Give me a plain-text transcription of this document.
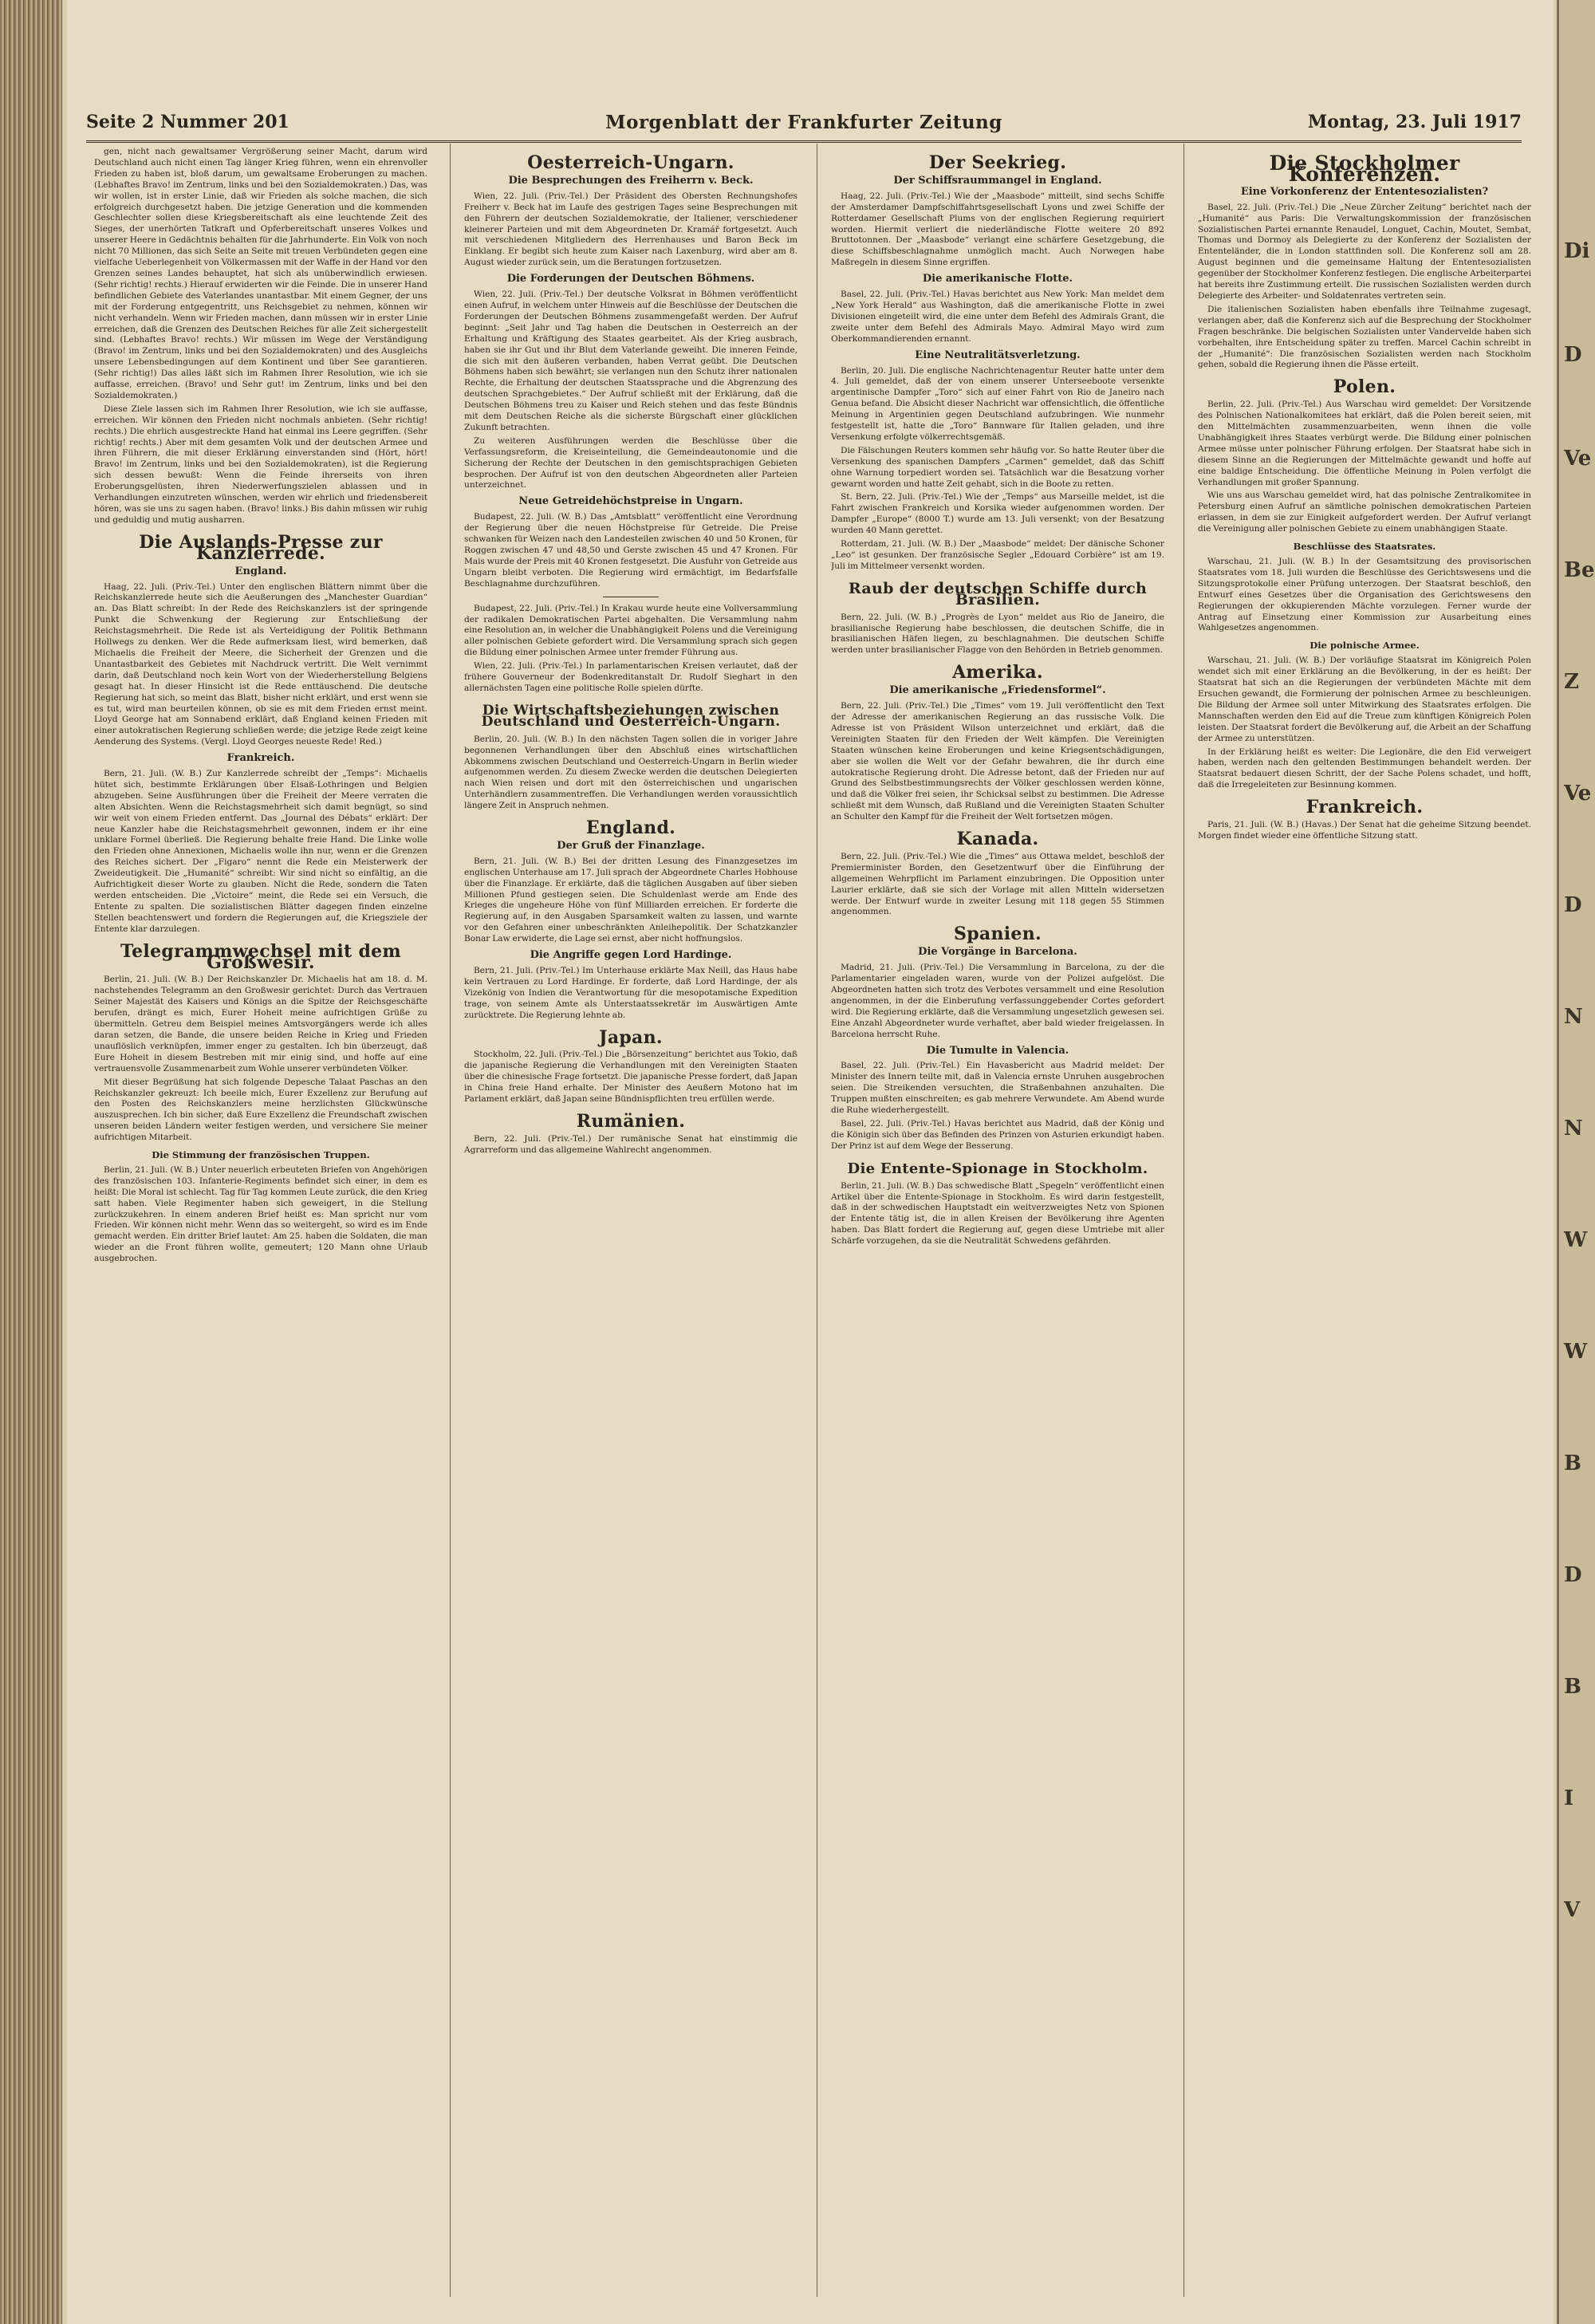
Di
D
Ve
Be
Z
Ve
D
N
N
W
W
B
D
B
I
V
Seite 2 Nummer 201	Morgenblatt der Frankfurter Zeitung	Montag, 23. Juli 1917

gen, nicht nach gewaltsamer Vergrößerung seiner Macht, darum wird Deutschland auch nicht einen Tag länger Krieg führen, wenn ein ehrenvoller Frieden zu haben ist, bloß darum, um gewaltsame Eroberungen zu machen. (Lebhaftes Bravo! im Zentrum, links und bei den Sozialdemokraten.) Das, was wir wollen, ist in erster Linie, daß wir Frieden als solche machen, die sich erfolgreich durchgesetzt haben. Die jetzige Generation und die kommenden Geschlechter sollen diese Kriegsbereitschaft als eine leuchtende Zeit des Sieges, der unerhörten Tatkraft und Opferbereitschaft unseres Volkes und unserer Heere in Gedächtnis behalten für die Jahrhunderte. Ein Volk von noch nicht 70 Millionen, das sich Seite an Seite mit treuen Verbündeten gegen eine vielfache Ueberlegenheit von Völkermassen mit der Waffe in der Hand vor den Grenzen seines Landes behauptet, hat sich als unüberwindlich erwiesen. (Sehr richtig! rechts.) Hierauf erwiderten wir die Feinde. Die in unserer Hand befindlichen Gebiete des Vaterlandes unantastbar. Mit einem Gegner, der uns mit der Forderung entgegentritt, uns Reichsgebiet zu nehmen, können wir nicht verhandeln. Wenn wir Frieden machen, dann müssen wir in erster Linie erreichen, daß die Grenzen des Deutschen Reiches für alle Zeit sichergestellt sind. (Lebhaftes Bravo! rechts.) Wir müssen im Wege der Verständigung (Bravo! im Zentrum, links und bei den Sozialdemokraten) und des Ausgleichs unsere Lebensbedingungen auf dem Kontinent und über See garantieren. (Sehr richtig!) Das alles läßt sich im Rahmen Ihrer Resolution, wie ich sie auffasse, erreichen. (Bravo! und Sehr gut! im Zentrum, links und bei den Sozialdemokraten.)

Diese Ziele lassen sich im Rahmen Ihrer Resolution, wie ich sie auffasse, erreichen. Wir können den Frieden nicht nochmals anbieten. (Sehr richtig! rechts.) Die ehrlich ausgestreckte Hand hat einmal ins Leere gegriffen. (Sehr richtig! rechts.) Aber mit dem gesamten Volk und der deutschen Armee und ihren Führern, die mit dieser Erklärung einverstanden sind (Hört, hört! Bravo! im Zentrum, links und bei den Sozialdemokraten), ist die Regierung sich dessen bewußt: Wenn die Feinde ihrerseits von ihren Eroberungsgelüsten, ihren Niederwerfungszielen ablassen und in Verhandlungen einzutreten wünschen, werden wir ehrlich und friedensbereit hören, was sie uns zu sagen haben. (Bravo! links.) Bis dahin müssen wir ruhig und geduldig und mutig ausharren.

Die Auslands-Presse zur Kanzlerrede.
England.

Haag, 22. Juli. (Priv.-Tel.) Unter den englischen Blättern nimmt über die Reichskanzlerrede heute sich die Aeußerungen des „Manchester Guardian“ an. Das Blatt schreibt: In der Rede des Reichskanzlers ist der springende Punkt die Schwenkung der Regierung zur Entschließung der Reichstagsmehrheit. Die Rede ist als Verteidigung der Politik Bethmann Hollwegs zu denken. Wer die Rede aufmerksam liest, wird bemerken, daß Michaelis die Freiheit der Meere, die Sicherheit der Grenzen und die Unantastbarkeit des Gebietes mit Nachdruck vertritt. Die Welt vernimmt darin, daß Deutschland noch kein Wort von der Wiederherstellung Belgiens gesagt hat. In dieser Hinsicht ist die Rede enttäuschend. Die deutsche Regierung hat sich, so meint das Blatt, bisher nicht erklärt, und erst wenn sie es tut, wird man beurteilen können, ob sie es mit dem Frieden ernst meint. Lloyd George hat am Sonnabend erklärt, daß England keinen Frieden mit einer autokratischen Regierung schließen werde; die jetzige Rede zeigt keine Aenderung des Systems. (Vergl. Lloyd Georges neueste Rede! Red.)

Frankreich.

Bern, 21. Juli. (W. B.) Zur Kanzlerrede schreibt der „Temps“: Michaelis hütet sich, bestimmte Erklärungen über Elsaß-Lothringen und Belgien abzugeben. Seine Ausführungen über die Freiheit der Meere verraten die alten Absichten. Wenn die Reichstagsmehrheit sich damit begnügt, so sind wir weit von einem Frieden entfernt. Das „Journal des Débats“ erklärt: Der neue Kanzler habe die Reichstagsmehrheit gewonnen, indem er ihr eine unklare Formel überließ. Die Regierung behalte freie Hand. Die Linke wolle den Frieden ohne Annexionen, Michaelis wolle ihn nur, wenn er die Grenzen des Reiches sichert. Der „Figaro“ nennt die Rede ein Meisterwerk der Zweideutigkeit. Die „Humanité“ schreibt: Wir sind nicht so einfältig, an die Aufrichtigkeit dieser Worte zu glauben. Nicht die Rede, sondern die Taten werden entscheiden. Die „Victoire“ meint, die Rede sei ein Versuch, die Entente zu spalten. Die sozialistischen Blätter dagegen finden einzelne Stellen beachtenswert und fordern die Regierungen auf, die Kriegsziele der Entente klar darzulegen.

Telegrammwechsel mit dem Großwesir.

Berlin, 21. Juli. (W. B.) Der Reichskanzler Dr. Michaelis hat am 18. d. M. nachstehendes Telegramm an den Großwesir gerichtet: Durch das Vertrauen Seiner Majestät des Kaisers und Königs an die Spitze der Reichsgeschäfte berufen, drängt es mich, Eurer Hoheit meine aufrichtigen Grüße zu übermitteln. Getreu dem Beispiel meines Amtsvorgängers werde ich alles daran setzen, die Bande, die unsere beiden Reiche in Krieg und Frieden unauflöslich verknüpfen, immer enger zu gestalten. Ich bin überzeugt, daß Eure Hoheit in diesem Bestreben mit mir einig sind, und hoffe auf eine vertrauensvolle Zusammenarbeit zum Wohle unserer verbündeten Völker.

Mit dieser Begrüßung hat sich folgende Depesche Talaat Paschas an den Reichskanzler gekreuzt: Ich beeile mich, Eurer Exzellenz zur Berufung auf den Posten des Reichskanzlers meine herzlichsten Glückwünsche auszusprechen. Ich bin sicher, daß Eure Exzellenz die Freundschaft zwischen unseren beiden Ländern weiter festigen werden, und versichere Sie meiner aufrichtigen Mitarbeit.

Die Stimmung der französischen Truppen.

Berlin, 21. Juli. (W. B.) Unter neuerlich erbeuteten Briefen von Angehörigen des französischen 103. Infanterie-Regiments befindet sich einer, in dem es heißt: Die Moral ist schlecht. Tag für Tag kommen Leute zurück, die den Krieg satt haben. Viele Regimenter haben sich geweigert, in die Stellung zurückzukehren. In einem anderen Brief heißt es: Man spricht nur vom Frieden. Wir können nicht mehr. Wenn das so weitergeht, so wird es im Ende gemacht werden. Ein dritter Brief lautet: Am 25. haben die Soldaten, die man wieder an die Front führen wollte, gemeutert; 120 Mann ohne Urlaub ausgebrochen.

Oesterreich-Ungarn.
Die Besprechungen des Freiherrn v. Beck.

Wien, 22. Juli. (Priv.-Tel.) Der Präsident des Obersten Rechnungshofes Freiherr v. Beck hat im Laufe des gestrigen Tages seine Besprechungen mit den Führern der deutschen Sozialdemokratie, der Italiener, verschiedener kleinerer Parteien und mit dem Abgeordneten Dr. Kramář fortgesetzt. Auch mit verschiedenen Mitgliedern des Herrenhauses und Baron Beck im Einklang. Er begibt sich heute zum Kaiser nach Laxenburg, wird aber am 8. August wieder zurück sein, um die Beratungen fortzusetzen.

Die Forderungen der Deutschen Böhmens.

Wien, 22. Juli. (Priv.-Tel.) Der deutsche Volksrat in Böhmen veröffentlicht einen Aufruf, in welchem unter Hinweis auf die Beschlüsse der Deutschen die Forderungen der Deutschen Böhmens zusammengefaßt werden. Der Aufruf beginnt: „Seit Jahr und Tag haben die Deutschen in Oesterreich an der Erhaltung und Kräftigung des Staates gearbeitet. Als der Krieg ausbrach, haben sie ihr Gut und ihr Blut dem Vaterlande geweiht. Die inneren Feinde, die sich mit den äußeren verbanden, haben Verrat geübt. Die Deutschen Böhmens haben sich bewährt; sie verlangen nun den Schutz ihrer nationalen Rechte, die Erhaltung der deutschen Staatssprache und die Abgrenzung des deutschen Sprachgebietes.“ Der Aufruf schließt mit der Erklärung, daß die Deutschen Böhmens treu zu Kaiser und Reich stehen und das feste Bündnis mit dem Deutschen Reiche als die sicherste Bürgschaft einer glücklichen Zukunft betrachten.

Zu weiteren Ausführungen werden die Beschlüsse über die Verfassungsreform, die Kreiseinteilung, die Gemeindeautonomie und die Sicherung der Rechte der Deutschen in den gemischtsprachigen Gebieten besprochen. Der Aufruf ist von den deutschen Abgeordneten aller Parteien unterzeichnet.

Neue Getreidehöchstpreise in Ungarn.

Budapest, 22. Juli. (W. B.) Das „Amtsblatt“ veröffentlicht eine Verordnung der Regierung über die neuen Höchstpreise für Getreide. Die Preise schwanken für Weizen nach den Landesteilen zwischen 40 und 50 Kronen, für Roggen zwischen 47 und 48,50 und Gerste zwischen 45 und 47 Kronen. Für Mais wurde der Preis mit 40 Kronen festgesetzt. Die Ausfuhr von Getreide aus Ungarn bleibt verboten. Die Regierung wird ermächtigt, im Bedarfsfalle Beschlagnahme durchzuführen.

Budapest, 22. Juli. (Priv.-Tel.) In Krakau wurde heute eine Vollversammlung der radikalen Demokratischen Partei abgehalten. Die Versammlung nahm eine Resolution an, in welcher die Unabhängigkeit Polens und die Vereinigung aller polnischen Gebiete gefordert wird. Die Versammlung sprach sich gegen die Bildung einer polnischen Armee unter fremder Führung aus.

Wien, 22. Juli. (Priv.-Tel.) In parlamentarischen Kreisen verlautet, daß der frühere Gouverneur der Bodenkreditanstalt Dr. Rudolf Sieghart in den allernächsten Tagen eine politische Rolle spielen dürfte.

Die Wirtschaftsbeziehungen zwischen Deutschland und Oesterreich-Ungarn.

Berlin, 20. Juli. (W. B.) In den nächsten Tagen sollen die in voriger Jahre begonnenen Verhandlungen über den Abschluß eines wirtschaftlichen Abkommens zwischen Deutschland und Oesterreich-Ungarn in Berlin wieder aufgenommen werden. Zu diesem Zwecke werden die deutschen Delegierten nach Wien reisen und dort mit den österreichischen und ungarischen Unterhändlern zusammentreffen. Die Verhandlungen werden voraussichtlich längere Zeit in Anspruch nehmen.

England.
Der Gruß der Finanzlage.

Bern, 21. Juli. (W. B.) Bei der dritten Lesung des Finanzgesetzes im englischen Unterhause am 17. Juli sprach der Abgeordnete Charles Hobhouse über die Finanzlage. Er erklärte, daß die täglichen Ausgaben auf über sieben Millionen Pfund gestiegen seien. Die Schuldenlast werde am Ende des Krieges die ungeheure Höhe von fünf Milliarden erreichen. Er forderte die Regierung auf, in den Ausgaben Sparsamkeit walten zu lassen, und warnte vor den Gefahren einer unbeschränkten Anleihepolitik. Der Schatzkanzler Bonar Law erwiderte, die Lage sei ernst, aber nicht hoffnungslos.

Die Angriffe gegen Lord Hardinge.

Bern, 21. Juli. (Priv.-Tel.) Im Unterhause erklärte Max Neill, das Haus habe kein Vertrauen zu Lord Hardinge. Er forderte, daß Lord Hardinge, der als Vizekönig von Indien die Verantwortung für die mesopotamische Expedition trage, von seinem Amte als Unterstaatssekretär im Auswärtigen Amte zurücktrete. Die Regierung lehnte ab.

Japan.

Stockholm, 22. Juli. (Priv.-Tel.) Die „Börsenzeitung“ berichtet aus Tokio, daß die japanische Regierung die Verhandlungen mit den Vereinigten Staaten über die chinesische Frage fortsetzt. Die japanische Presse fordert, daß Japan in China freie Hand erhalte. Der Minister des Aeußern Motono hat im Parlament erklärt, daß Japan seine Bündnispflichten treu erfüllen werde.

Rumänien.

Bern, 22. Juli. (Priv.-Tel.) Der rumänische Senat hat einstimmig die Agrarreform und das allgemeine Wahlrecht angenommen.

Der Seekrieg.
Der Schiffsraummangel in England.

Haag, 22. Juli. (Priv.-Tel.) Wie der „Maasbode“ mitteilt, sind sechs Schiffe der Amsterdamer Dampfschiffahrtsgesellschaft Lyons und zwei Schiffe der Rotterdamer Gesellschaft Plums von der englischen Regierung requiriert worden. Hiermit verliert die niederländische Flotte weitere 20 892 Bruttotonnen. Der „Maasbode“ verlangt eine schärfere Gesetzgebung, die diese Schiffsbeschlagnahme unmöglich macht. Auch Norwegen habe Maßregeln in diesem Sinne ergriffen.

Die amerikanische Flotte.

Basel, 22. Juli. (Priv.-Tel.) Havas berichtet aus New York: Man meldet dem „New York Herald“ aus Washington, daß die amerikanische Flotte in zwei Divisionen eingeteilt wird, die eine unter dem Befehl des Admirals Grant, die zweite unter dem Befehl des Admirals Mayo. Admiral Mayo wird zum Oberkommandierenden ernannt.

Eine Neutralitätsverletzung.

Berlin, 20. Juli. Die englische Nachrichtenagentur Reuter hatte unter dem 4. Juli gemeldet, daß der von einem unserer Unterseeboote versenkte argentinische Dampfer „Toro“ sich auf einer Fahrt von Rio de Janeiro nach Genua befand. Die Absicht dieser Nachricht war offensichtlich, die öffentliche Meinung in Argentinien gegen Deutschland aufzubringen. Wie nunmehr festgestellt ist, hatte die „Toro“ Bannware für Italien geladen, und ihre Versenkung erfolgte völkerrechtsgemäß.

Die Fälschungen Reuters kommen sehr häufig vor. So hatte Reuter über die Versenkung des spanischen Dampfers „Carmen“ gemeldet, daß das Schiff ohne Warnung torpediert worden sei. Tatsächlich war die Besatzung vorher gewarnt worden und hatte Zeit gehabt, sich in die Boote zu retten.

St. Bern, 22. Juli. (Priv.-Tel.) Wie der „Temps“ aus Marseille meldet, ist die Fahrt zwischen Frankreich und Korsika wieder aufgenommen worden. Der Dampfer „Europe“ (8000 T.) wurde am 13. Juli versenkt; von der Besatzung wurden 40 Mann gerettet.

Rotterdam, 21. Juli. (W. B.) Der „Maasbode“ meldet: Der dänische Schoner „Leo“ ist gesunken. Der französische Segler „Edouard Corbière“ ist am 19. Juli im Mittelmeer versenkt worden.

Raub der deutschen Schiffe durch Brasilien.

Bern, 22. Juli. (W. B.) „Progrès de Lyon“ meldet aus Rio de Janeiro, die brasilianische Regierung habe beschlossen, die deutschen Schiffe, die in brasilianischen Häfen liegen, zu beschlagnahmen. Die deutschen Schiffe werden unter brasilianischer Flagge von den Behörden in Betrieb genommen.

Amerika.
Die amerikanische „Friedensformel“.

Bern, 22. Juli. (Priv.-Tel.) Die „Times“ vom 19. Juli veröffentlicht den Text der Adresse der amerikanischen Regierung an das russische Volk. Die Adresse ist von Präsident Wilson unterzeichnet und erklärt, daß die Vereinigten Staaten für den Frieden der Welt kämpfen. Die Vereinigten Staaten wünschen keine Eroberungen und keine Kriegsentschädigungen, aber sie wollen die Welt vor der Gefahr bewahren, die ihr durch eine autokratische Regierung droht. Die Adresse betont, daß der Frieden nur auf Grund des Selbstbestimmungsrechts der Völker geschlossen werden könne, und daß die Völker frei seien, ihr Schicksal selbst zu bestimmen. Die Adresse schließt mit dem Wunsch, daß Rußland und die Vereinigten Staaten Schulter an Schulter den Kampf für die Freiheit der Welt fortsetzen mögen.

Kanada.

Bern, 22. Juli. (Priv.-Tel.) Wie die „Times“ aus Ottawa meldet, beschloß der Premierminister Borden, den Gesetzentwurf über die Einführung der allgemeinen Wehrpflicht im Parlament einzubringen. Die Opposition unter Laurier erklärte, daß sie sich der Vorlage mit allen Mitteln widersetzen werde. Der Entwurf wurde in zweiter Lesung mit 118 gegen 55 Stimmen angenommen.

Spanien.
Die Vorgänge in Barcelona.

Madrid, 21. Juli. (Priv.-Tel.) Die Versammlung in Barcelona, zu der die Parlamentarier eingeladen waren, wurde von der Polizei aufgelöst. Die Abgeordneten hatten sich trotz des Verbotes versammelt und eine Resolution angenommen, in der die Einberufung verfassunggebender Cortes gefordert wird. Die Regierung erklärte, daß die Versammlung ungesetzlich gewesen sei. Eine Anzahl Abgeordneter wurde verhaftet, aber bald wieder freigelassen. In Barcelona herrscht Ruhe.

Die Tumulte in Valencia.

Basel, 22. Juli. (Priv.-Tel.) Ein Havasbericht aus Madrid meldet: Der Minister des Innern teilte mit, daß in Valencia ernste Unruhen ausgebrochen seien. Die Streikenden versuchten, die Straßenbahnen anzuhalten. Die Truppen mußten einschreiten; es gab mehrere Verwundete. Am Abend wurde die Ruhe wiederhergestellt.

Basel, 22. Juli. (Priv.-Tel.) Havas berichtet aus Madrid, daß der König und die Königin sich über das Befinden des Prinzen von Asturien erkundigt haben. Der Prinz ist auf dem Wege der Besserung.

Die Entente-Spionage in Stockholm.

Berlin, 21. Juli. (W. B.) Das schwedische Blatt „Spegeln“ veröffentlicht einen Artikel über die Entente-Spionage in Stockholm. Es wird darin festgestellt, daß in der schwedischen Hauptstadt ein weitverzweigtes Netz von Spionen der Entente tätig ist, die in allen Kreisen der Bevölkerung ihre Agenten haben. Das Blatt fordert die Regierung auf, gegen diese Umtriebe mit aller Schärfe vorzugehen, da sie die Neutralität Schwedens gefährden.

Die Stockholmer Konferenzen.
Eine Vorkonferenz der Ententesozialisten?

Basel, 22. Juli. (Priv.-Tel.) Die „Neue Zürcher Zeitung“ berichtet nach der „Humanité“ aus Paris: Die Verwaltungskommission der französischen Sozialistischen Partei ernannte Renaudel, Longuet, Cachin, Moutet, Sembat, Thomas und Dormoy als Delegierte zu der Konferenz der Sozialisten der Ententeländer, die in London stattfinden soll. Die Konferenz soll am 28. August beginnen und die gemeinsame Haltung der Ententesozialisten gegenüber der Stockholmer Konferenz festlegen. Die englische Arbeiterpartei hat bereits ihre Zustimmung erteilt. Die russischen Sozialisten werden durch Delegierte des Arbeiter- und Soldatenrates vertreten sein.

Die italienischen Sozialisten haben ebenfalls ihre Teilnahme zugesagt, verlangen aber, daß die Konferenz sich auf die Besprechung der Stockholmer Fragen beschränke. Die belgischen Sozialisten unter Vandervelde haben sich vorbehalten, ihre Entscheidung später zu treffen. Marcel Cachin schreibt in der „Humanité“: Die französischen Sozialisten werden nach Stockholm gehen, sobald die Regierung ihnen die Pässe erteilt.

Polen.

Berlin, 22. Juli. (Priv.-Tel.) Aus Warschau wird gemeldet: Der Vorsitzende des Polnischen Nationalkomitees hat erklärt, daß die Polen bereit seien, mit den Mittelmächten zusammenzuarbeiten, wenn ihnen die volle Unabhängigkeit ihres Staates verbürgt werde. Die Bildung einer polnischen Armee müsse unter polnischer Führung erfolgen. Der Staatsrat habe sich in diesem Sinne an die Regierungen der Mittelmächte gewandt und hoffe auf eine baldige Entscheidung. Die öffentliche Meinung in Polen verfolgt die Verhandlungen mit großer Spannung.

Wie uns aus Warschau gemeldet wird, hat das polnische Zentralkomitee in Petersburg einen Aufruf an sämtliche polnischen demokratischen Parteien erlassen, in dem sie zur Einigkeit aufgefordert werden. Der Aufruf verlangt die Vereinigung aller polnischen Gebiete zu einem unabhängigen Staate.

Beschlüsse des Staatsrates.

Warschau, 21. Juli. (W. B.) In der Gesamtsitzung des provisorischen Staatsrates vom 18. Juli wurden die Beschlüsse des Gerichtswesens und die Sitzungsprotokolle einer Prüfung unterzogen. Der Staatsrat beschloß, den Entwurf eines Gesetzes über die Organisation des Gerichtswesens den Regierungen der okkupierenden Mächte vorzulegen. Ferner wurde der Antrag auf Einsetzung einer Kommission zur Ausarbeitung eines Wahlgesetzes angenommen.

Die polnische Armee.

Warschau, 21. Juli. (W. B.) Der vorläufige Staatsrat im Königreich Polen wendet sich mit einer Erklärung an die Bevölkerung, in der es heißt: Der Staatsrat hat sich an die Regierungen der verbündeten Mächte mit dem Ersuchen gewandt, die Formierung der polnischen Armee zu beschleunigen. Die Bildung der Armee soll unter Mitwirkung des Staatsrates erfolgen. Die Mannschaften werden den Eid auf die Treue zum künftigen Königreich Polen leisten. Der Staatsrat fordert die Bevölkerung auf, die Arbeit an der Schaffung der Armee zu unterstützen.

In der Erklärung heißt es weiter: Die Legionäre, die den Eid verweigert haben, werden nach den geltenden Bestimmungen behandelt werden. Der Staatsrat bedauert diesen Schritt, der der Sache Polens schadet, und hofft, daß die Irregeleiteten zur Besinnung kommen.

Frankreich.

Paris, 21. Juli. (W. B.) (Havas.) Der Senat hat die geheime Sitzung beendet. Morgen findet wieder eine öffentliche Sitzung statt.
